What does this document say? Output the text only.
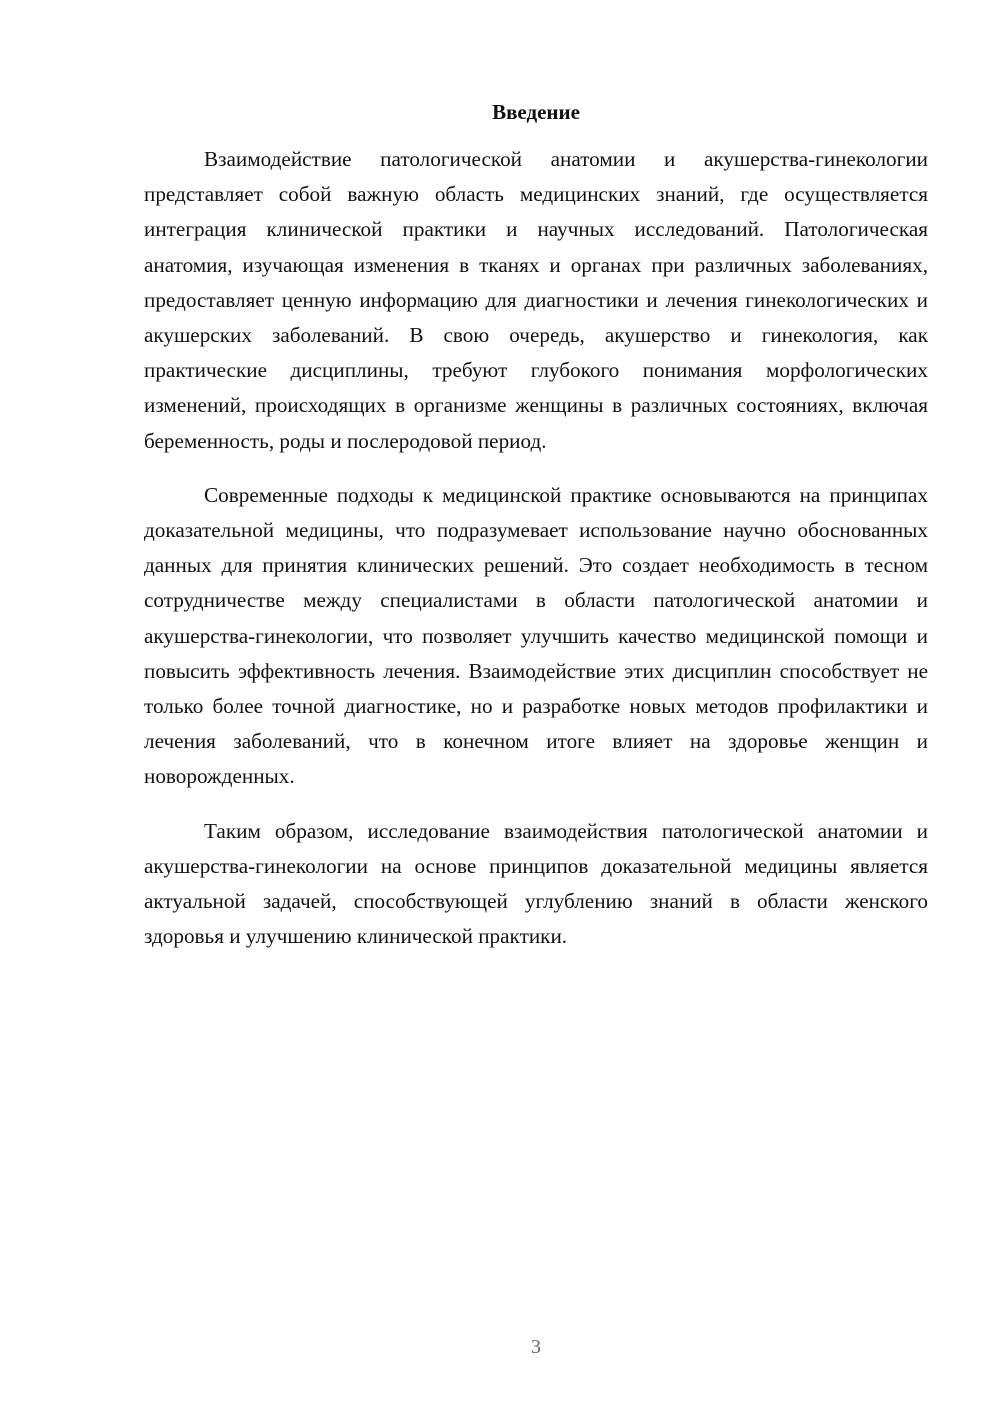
Введение

Взаимодействие патологической анатомии и акушерства-гинекологии представляет собой важную область медицинских знаний, где осуществляется интеграция клинической практики и научных исследований. Патологическая анатомия, изучающая изменения в тканях и органах при различных заболеваниях, предоставляет ценную информацию для диагностики и лечения гинекологических и акушерских заболеваний. В свою очередь, акушерство и гинекология, как практические дисциплины, требуют глубокого понимания морфологических изменений, происходящих в организме женщины в различных состояниях, включая беременность, роды и послеродовой период.

Современные подходы к медицинской практике основываются на принципах доказательной медицины, что подразумевает использование научно обоснованных данных для принятия клинических решений. Это создает необходимость в тесном сотрудничестве между специалистами в области патологической анатомии и акушерства-гинекологии, что позволяет улучшить качество медицинской помощи и повысить эффективность лечения. Взаимодействие этих дисциплин способствует не только более точной диагностике, но и разработке новых методов профилактики и лечения заболеваний, что в конечном итоге влияет на здоровье женщин и новорожденных.

Таким образом, исследование взаимодействия патологической анатомии и акушерства-гинекологии на основе принципов доказательной медицины является актуальной задачей, способствующей углублению знаний в области женского здоровья и улучшению клинической практики.

3
